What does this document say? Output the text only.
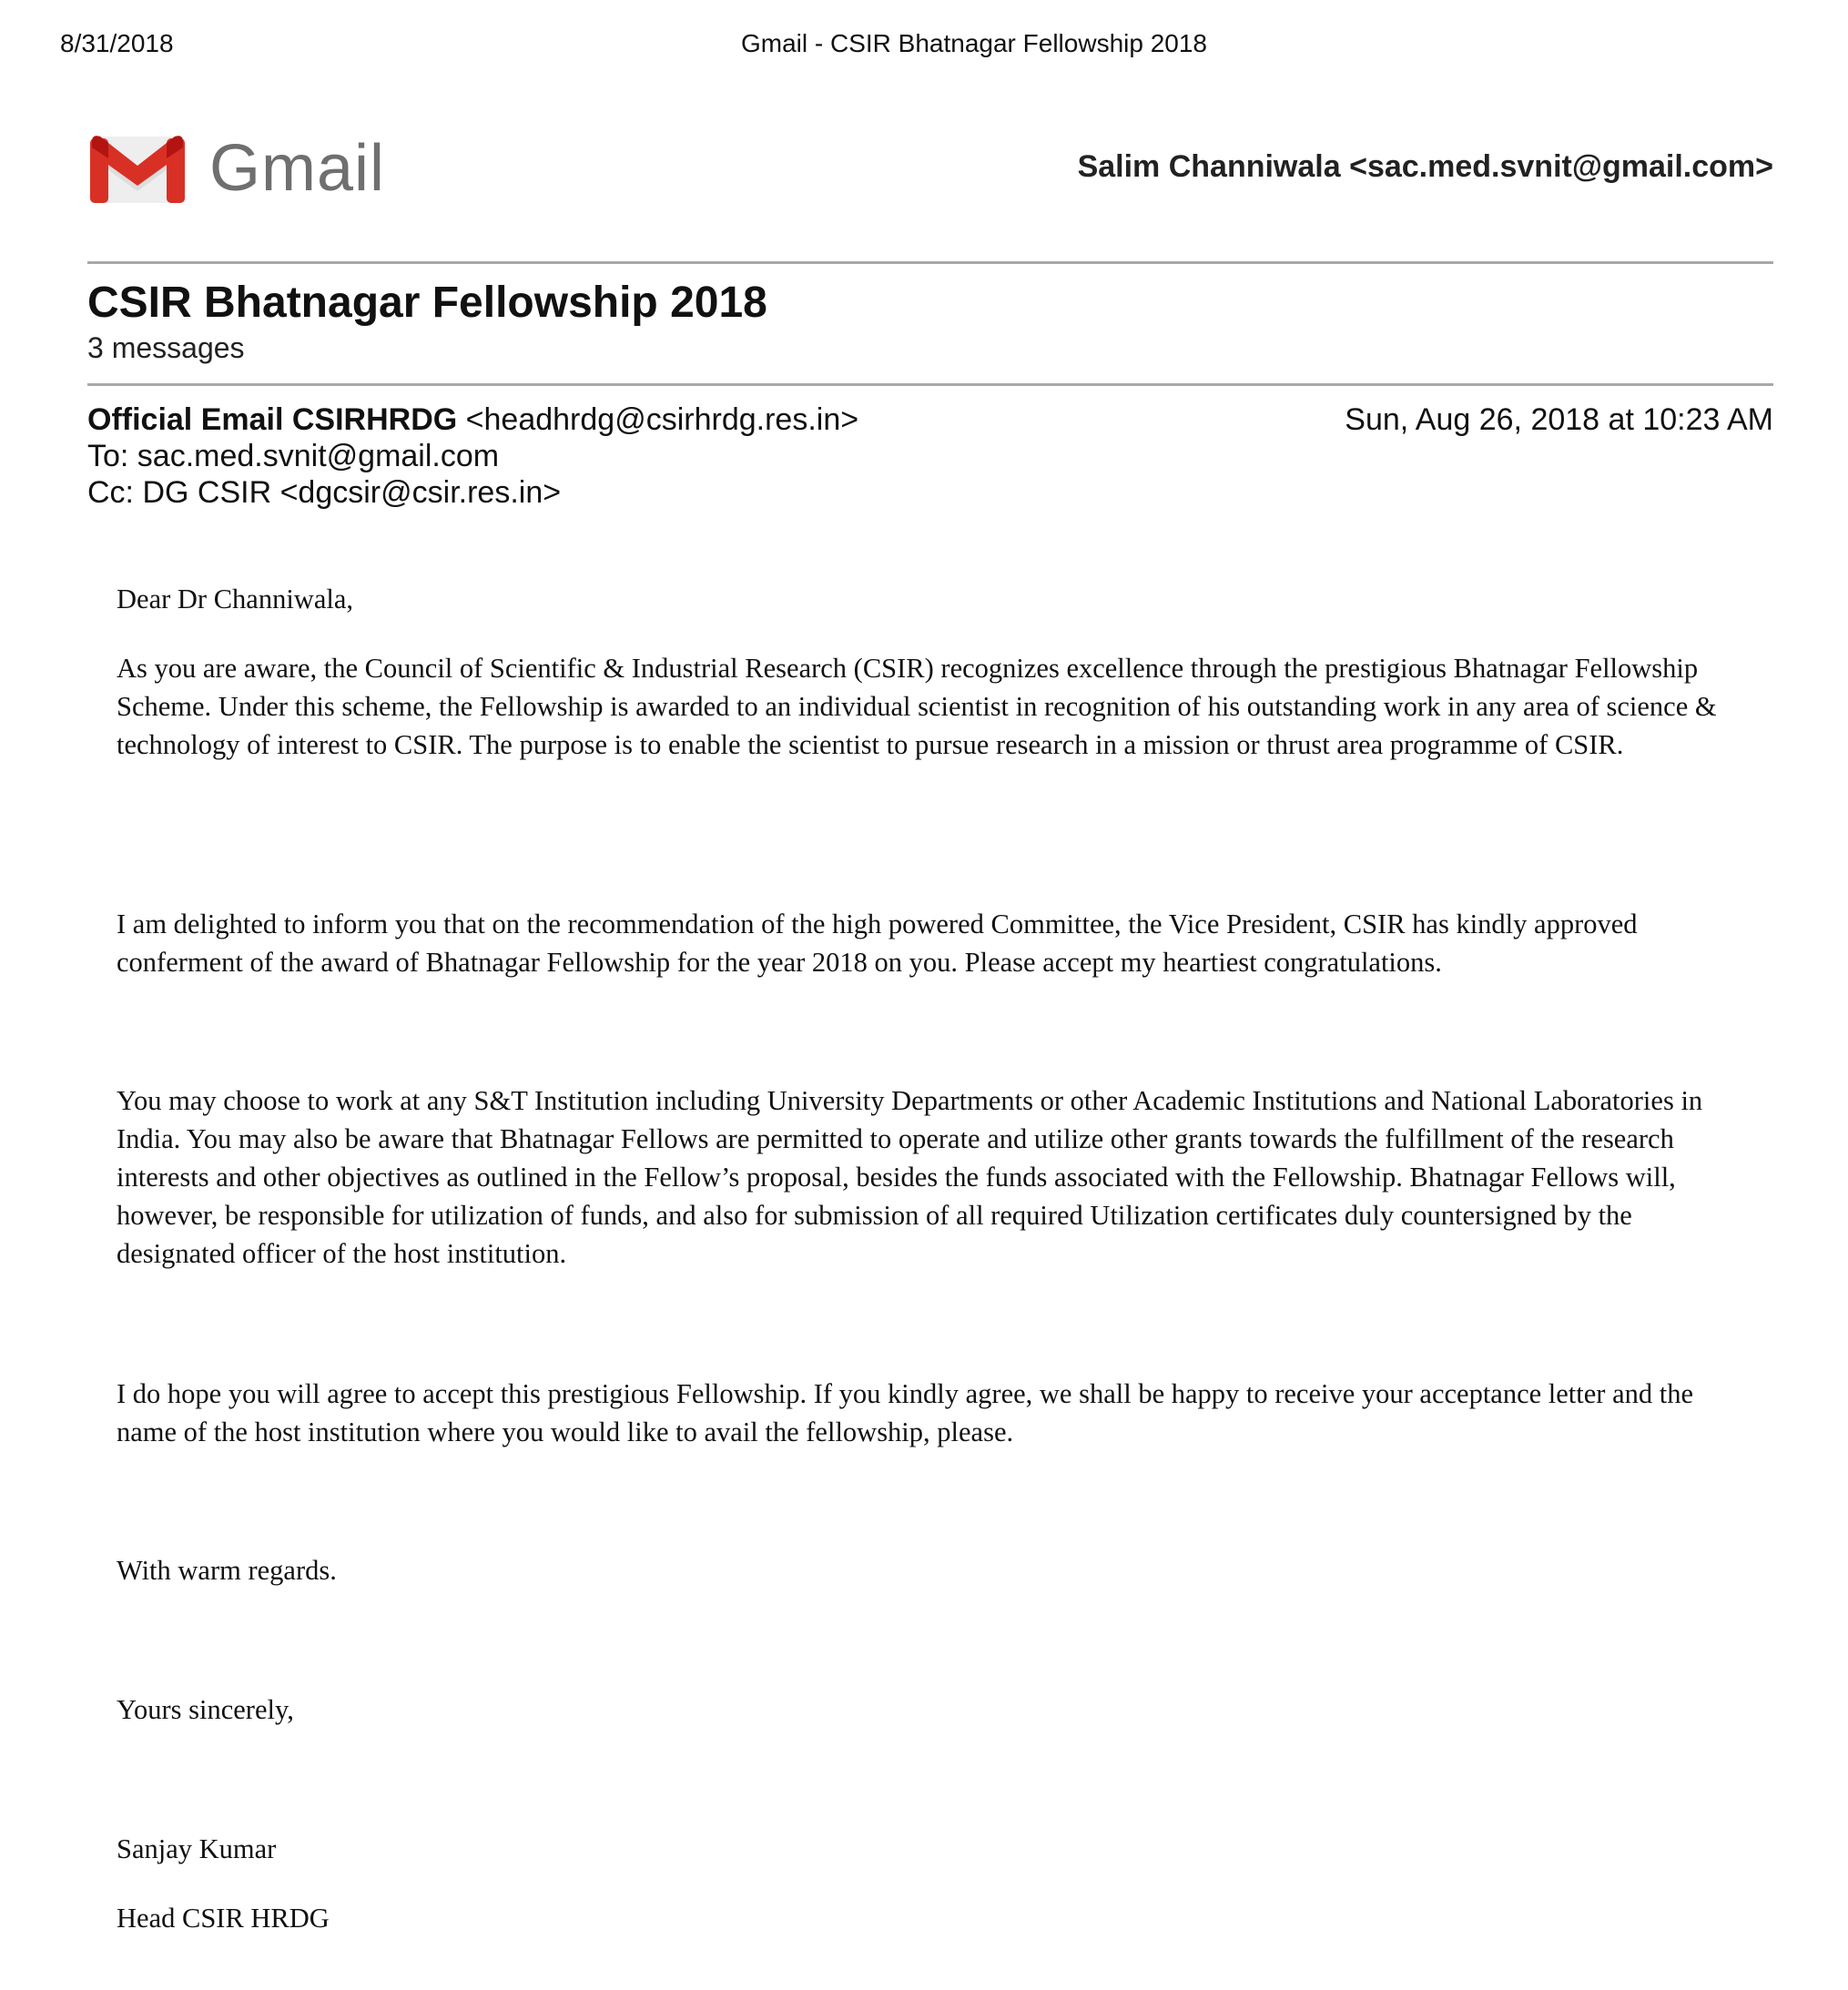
8/31/2018	Gmail - CSIR Bhatnagar Fellowship 2018
Gmail	Salim Channiwala <sac.med.svnit@gmail.com>
CSIR Bhatnagar Fellowship 2018
3 messages
Official Email CSIRHRDG <headhrdg@csirhrdg.res.in>
To: sac.med.svnit@gmail.com
Cc: DG CSIR <dgcsir@csir.res.in>
Sun, Aug 26, 2018 at 10:23 AM

Dear Dr Channiwala,

As you are aware, the Council of Scientific & Industrial Research (CSIR) recognizes excellence through the prestigious Bhatnagar Fellowship Scheme. Under this scheme, the Fellowship is awarded to an individual scientist in recognition of his outstanding work in any area of science & technology of interest to CSIR. The purpose is to enable the scientist to pursue research in a mission or thrust area programme of CSIR.

I am delighted to inform you that on the recommendation of the high powered Committee, the Vice President, CSIR has kindly approved conferment of the award of Bhatnagar Fellowship for the year 2018 on you. Please accept my heartiest congratulations.

You may choose to work at any S&T Institution including University Departments or other Academic Institutions and National Laboratories in India. You may also be aware that Bhatnagar Fellows are permitted to operate and utilize other grants towards the fulfillment of the research interests and other objectives as outlined in the Fellow’s proposal, besides the funds associated with the Fellowship. Bhatnagar Fellows will, however, be responsible for utilization of funds, and also for submission of all required Utilization certificates duly countersigned by the designated officer of the host institution.

I do hope you will agree to accept this prestigious Fellowship. If you kindly agree, we shall be happy to receive your acceptance letter and the name of the host institution where you would like to avail the fellowship, please.

With warm regards.

Yours sincerely,

Sanjay Kumar

Head CSIR HRDG
